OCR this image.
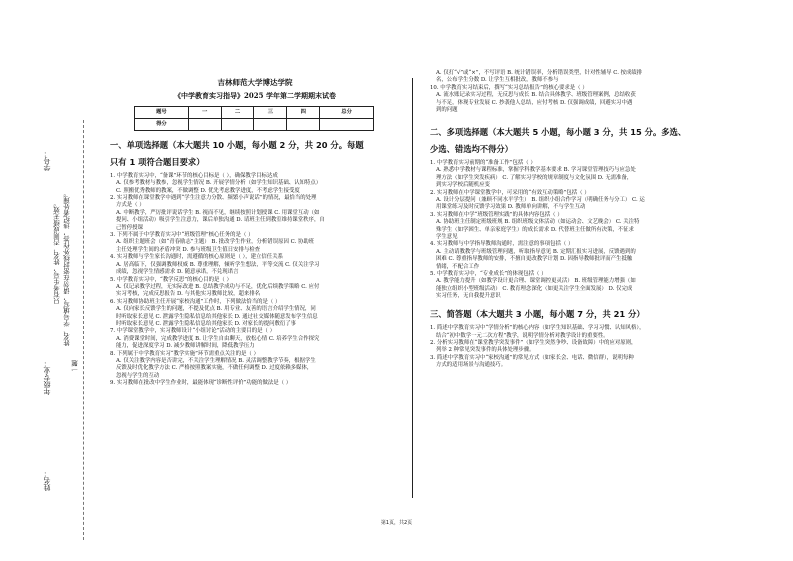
学号：
只有考生号，姓名，否则成绩无效。 姓名、学号填写，请勿在密封线外作答，违纪者处理。
一题
年级专业：
姓名：
吉林师范大学博达学院
《中学教育实习指导》2025 学年第二学期期末试卷
题号	一	二	三	四	总分
得分					
一、单项选择题（本大题共 10 小题，每小题 2 分，共 20 分。每题
只有 1 项符合题目要求）
1. 中学教育实习中，“备课”环节的核心目标是（ ），确保教学目标达成
A. 仅参考教材与教参，忽视学生情况 B. 开展学情分析（如学生知识基础、认知特点）
C. 照搬优秀教师的教案，不做调整 D. 优先考虑教学进度，不考虑学生接受度
2. 实习教师在课堂教学中遇到“学生注意力分散、频繁小声说话”的情况，最恰当的处理
方式是（ ）
A. 中断教学，严厉批评说话学生 B. 视而不见，继续按照计划授课 C. 用课堂互动（如
提问、小组活动）吸引学生注意力，课后单独沟通 D. 请班主任到教室维持课堂秩序，自
己暂停授课
3. 下列不属于中学教育实习中“班级管理”核心任务的是（ ）
A. 组织主题班会（如“青春励志”主题） B. 批改学生作业，分析错误原因 C. 协助班
主任处理学生间的矛盾冲突 D. 参与班级卫生值日安排与检查
4. 实习教师与学生家长沟通时，需遵循的核心原则是（ ），建立信任关系
A. 居高临下，仅强调教师权威 B. 尊重理解，倾听学生想法，平等交流 C. 仅关注学习
成绩，忽视学生情感需求 D. 随意承诺，不兑现诺言
5. 中学教育实习中，“教学反思”的核心目的是（ ）
A. 仅记录教学过程，无实际改进 B. 总结教学成功与不足，优化后续教学策略 C. 应付
实习考核，完成反思报告 D. 与其他实习教师比较，超来排名
6. 实习教师协助班主任开展“家校沟通”工作时，下列做法恰当的是（ ）
A. 仅向家长反馈学生的问题，不提及优点 B. 用专业、友善的语言介绍学生情况，同
时听取家长意见 C. 泄露学生隐私信息给其他家长 D. 通过社交媒体随意发布学生信息
时听取家长意见 C. 泄露学生隐私信息给其他家长 D. 对家长的提问敷衍了事
7. 中学课堂教学中，实习教师设计“小组讨论”活动的主要目的是（ ）
A. 消费课堂时间，完成教学进度 B. 让学生自由聊天，放松心情 C. 培养学生合作探究
能力，促进深度学习 D. 减少教师讲解时间，降低教学压力
8. 下列属于中学教育实习“教学实施”环节需重点关注的是（ ）
A. 仅关注教学内容是否讲完，不关注学生理解情况 B. 灵活调整教学节奏，根据学生
反馈及时优化教学方法 C. 严格按照教案实施，不做任何调整 D. 过度依赖多媒体，
忽视与学生的互动
9. 实习教师在批改中学生作业时，最能体现“诊断性评价”功能的做法是（ ）
A. 仅打“√”或“×”，不写评语 B. 统计错误率，分析错误类型，针对性辅导 C. 按成绩排
名，公布学生分数 D. 让学生互相批改，教师不参与
10. 中学教育实习结束后，撰写“实习总结报告”的核心要求是（ ）
A. 流水账记录实习过程，无反思与成长 B. 结合具体教学、班级管理案例，总结收获
与不足，体现专业发展 C. 抄袭他人总结，应付考核 D. 仅强调成绩，回避实习中遇
到的问题
二、多项选择题（本大题共 5 小题，每小题 3 分，共 15 分。多选、
少选、错选均不得分）
1. 中学教育实习前期的“准备工作”包括（ ）
A. 熟悉中学教材与课程标准，掌握学科教学基本要求 B. 学习课堂管理技巧与应急处
理方法（如学生突发疾病） C. 了解实习学校的规章制度与文化氛围 D. 无需准备，
到实习学校后随机应变
2. 实习教师在中学课堂教学中，可采用的“有效互动策略”包括（ ）
A. 设计分层提问（兼顾不同水平学生） B. 组织小组合作学习（明确任务与分工） C. 运
用课堂练习及时反馈学习效果 D. 教师单向讲解，不与学生互动
3. 实习教师在中学“班级管理实践”的具体内容包括（ ）
A. 协助班主任制定班级班规 B. 组织班级文体活动（如运动会、文艺晚会） C. 关注特
殊学生（如学困生、单亲家庭学生）的成长需求 D. 代替班主任做所有决策，不征求
学生意见
4. 实习教师与中学指导教师沟通时，需注意的事项包括（ ）
A. 主动请教教学与班级管理问题，听取指导意见 B. 定期汇报实习进展，反馈遇到的
困难 C. 尊重指导教师的安排，不擅自更改教学计划 D. 因指导教师批评而产生抵触
情绪，不配合工作
5. 中学教育实习中，“专业成长”的体现包括（ ）
A. 教学能力提升（如教学设计更合理、课堂调控更灵活） B. 班级管理能力增强（如
能独立组织小型班级活动） C. 教育理念深化（如更关注学生全面发展） D. 仅完成
实习任务，无自我提升意识
三、简答题（本大题共 3 小题，每小题 7 分，共 21 分）
1. 简述中学教育实习中“学情分析”的核心内容（如学生知识基础、学习习惯、认知风格），
结合“初中数学一元二次方程”教学，说明学情分析对教学设计的重要性。
2. 分析实习教师在“课堂教学突发事件”（如学生突然争吵、设备故障）中的应对原则，
列举 2 种常见突发事件的具体处理步骤。
3. 简述中学教育实习中“家校沟通”的常见方式（如家长会、电话、微信群），说明每种
方式的适用场景与沟通技巧。
第1页，共2页
